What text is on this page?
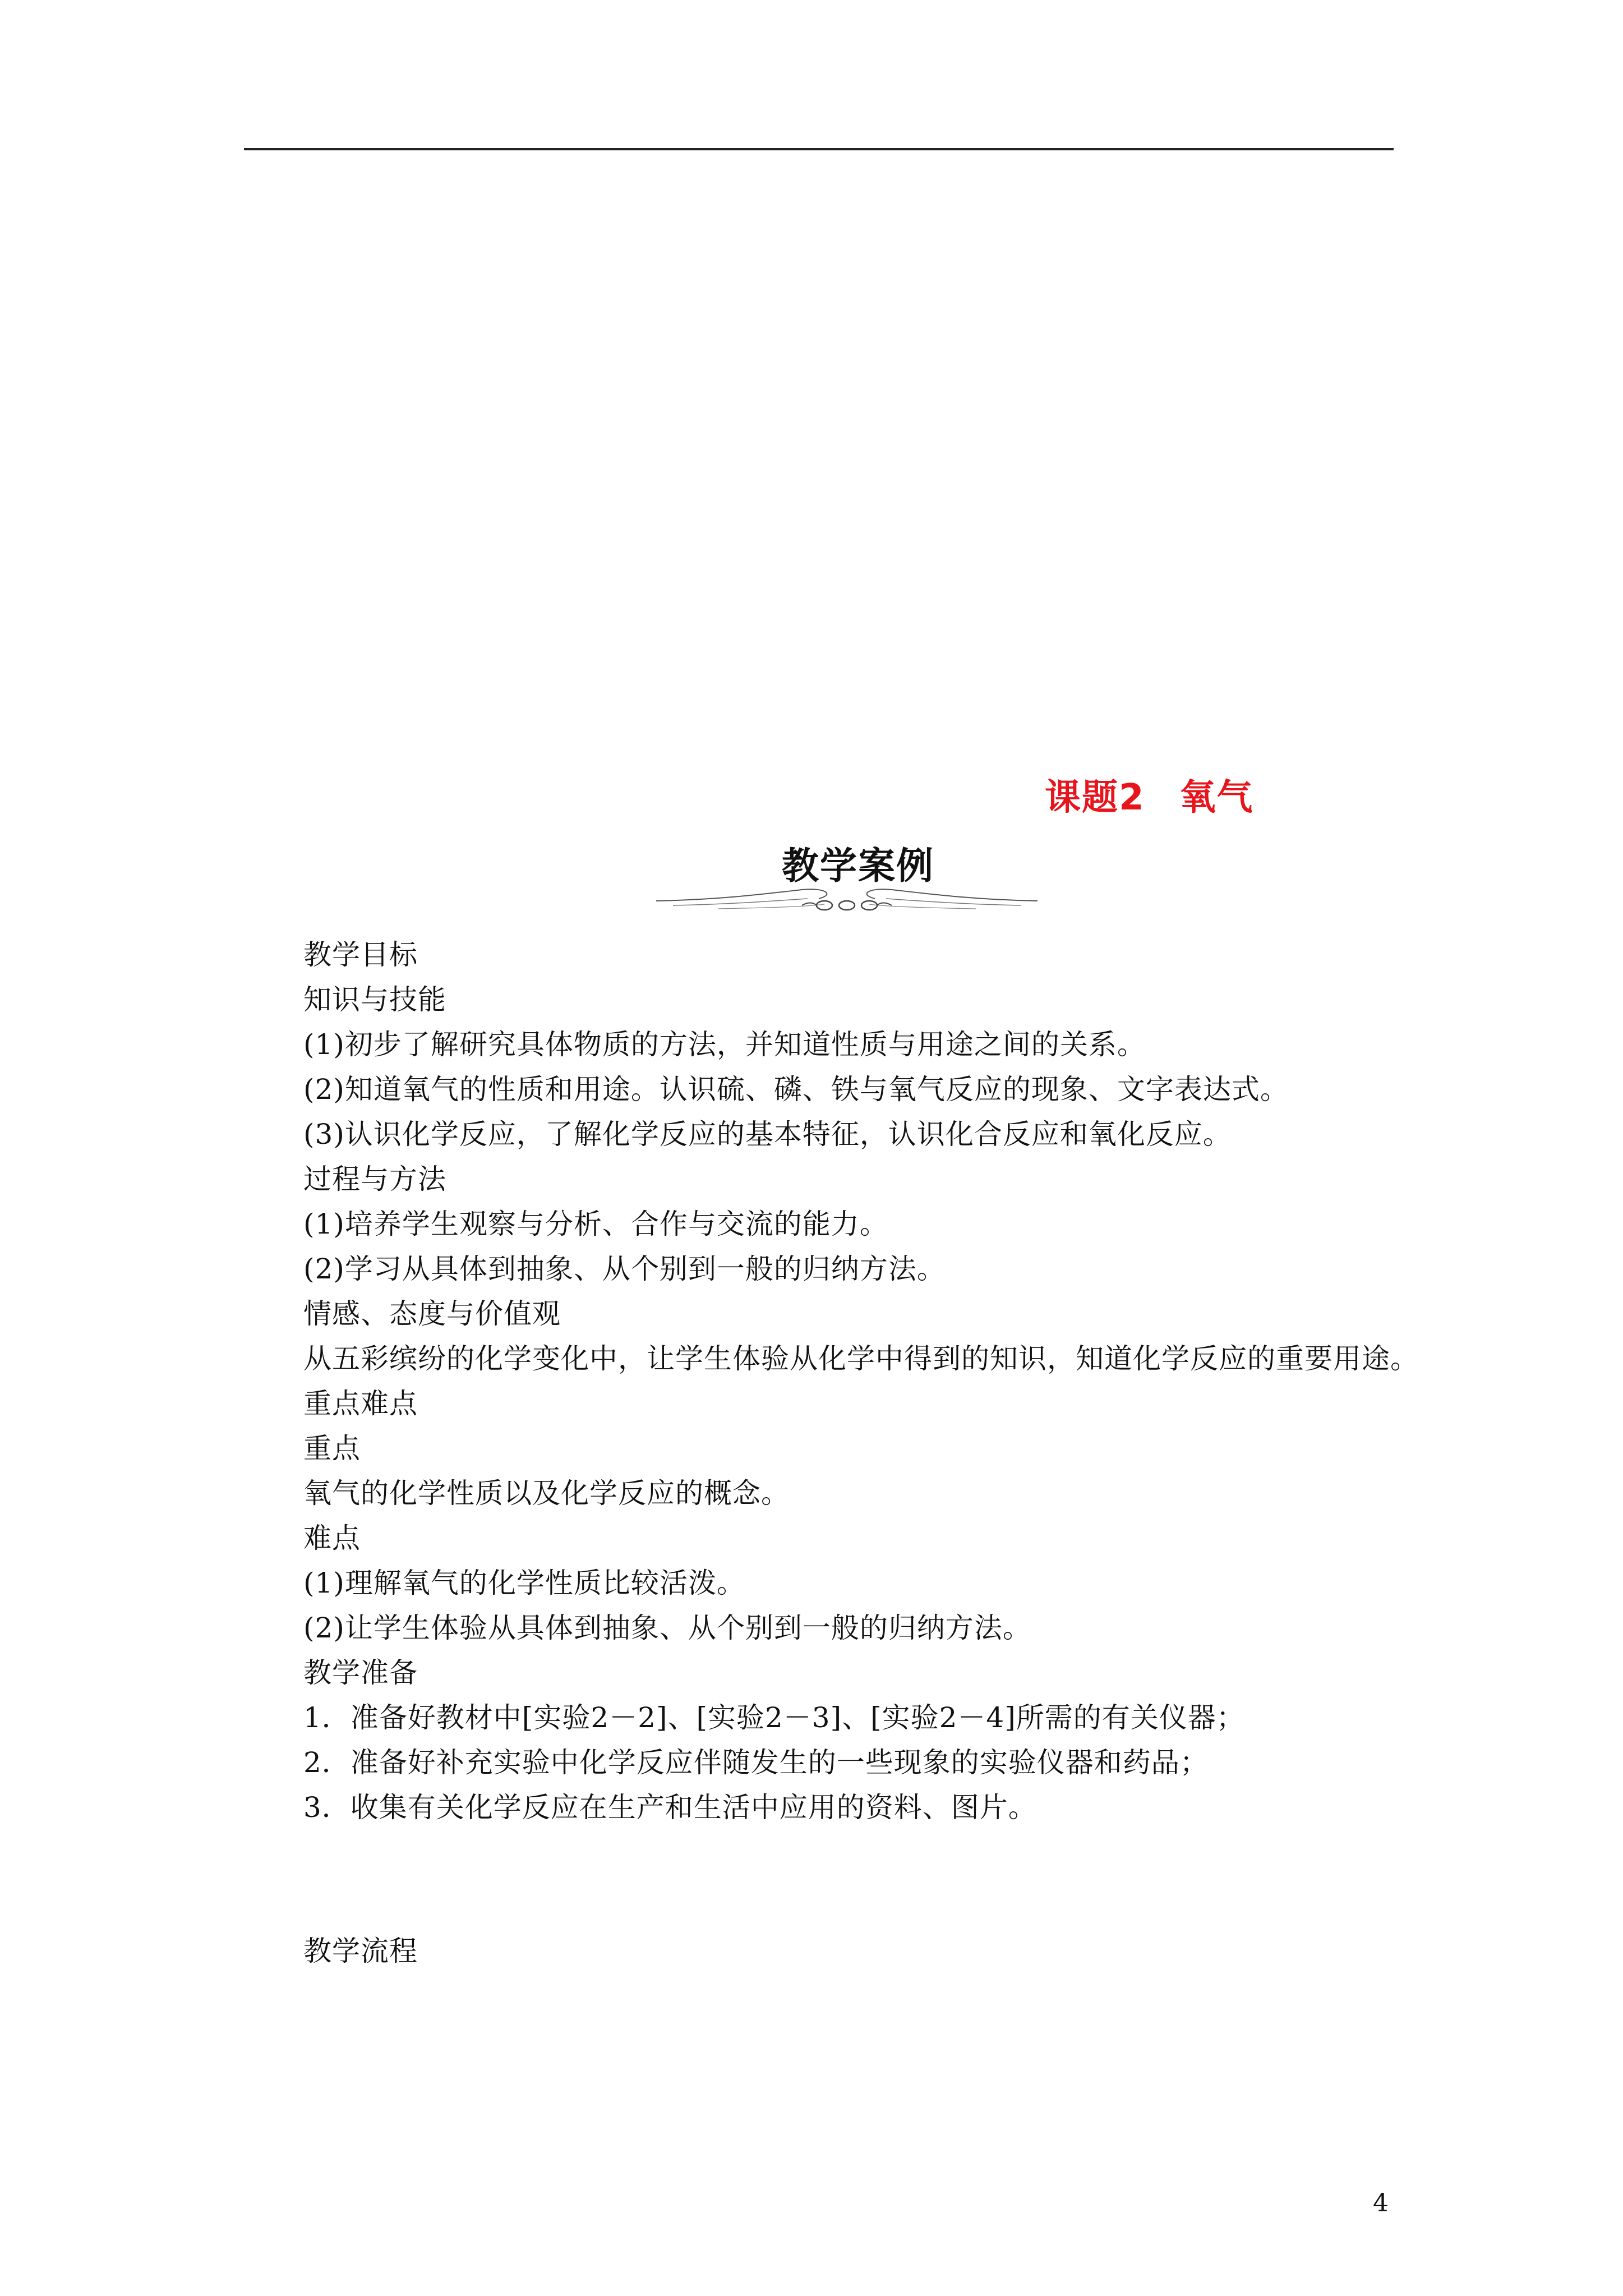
课题2 氧气
教学案例
教学目标
知识与技能
(1)初步了解研究具体物质的方法，并知道性质与用途之间的关系。
(2)知道氧气的性质和用途。认识硫、磷、铁与氧气反应的现象、文字表达式。
(3)认识化学反应，了解化学反应的基本特征，认识化合反应和氧化反应。
过程与方法
(1)培养学生观察与分析、合作与交流的能力。
(2)学习从具体到抽象、从个别到一般的归纳方法。
情感、态度与价值观
从五彩缤纷的化学变化中，让学生体验从化学中得到的知识，知道化学反应的重要用途。
重点难点
重点
氧气的化学性质以及化学反应的概念。
难点
(1)理解氧气的化学性质比较活泼。
(2)让学生体验从具体到抽象、从个别到一般的归纳方法。
教学准备
1．准备好教材中[实验2－2]、[实验2－3]、[实验2－4]所需的有关仪器；
2．准备好补充实验中化学反应伴随发生的一些现象的实验仪器和药品；
3．收集有关化学反应在生产和生活中应用的资料、图片。
教学流程
4
